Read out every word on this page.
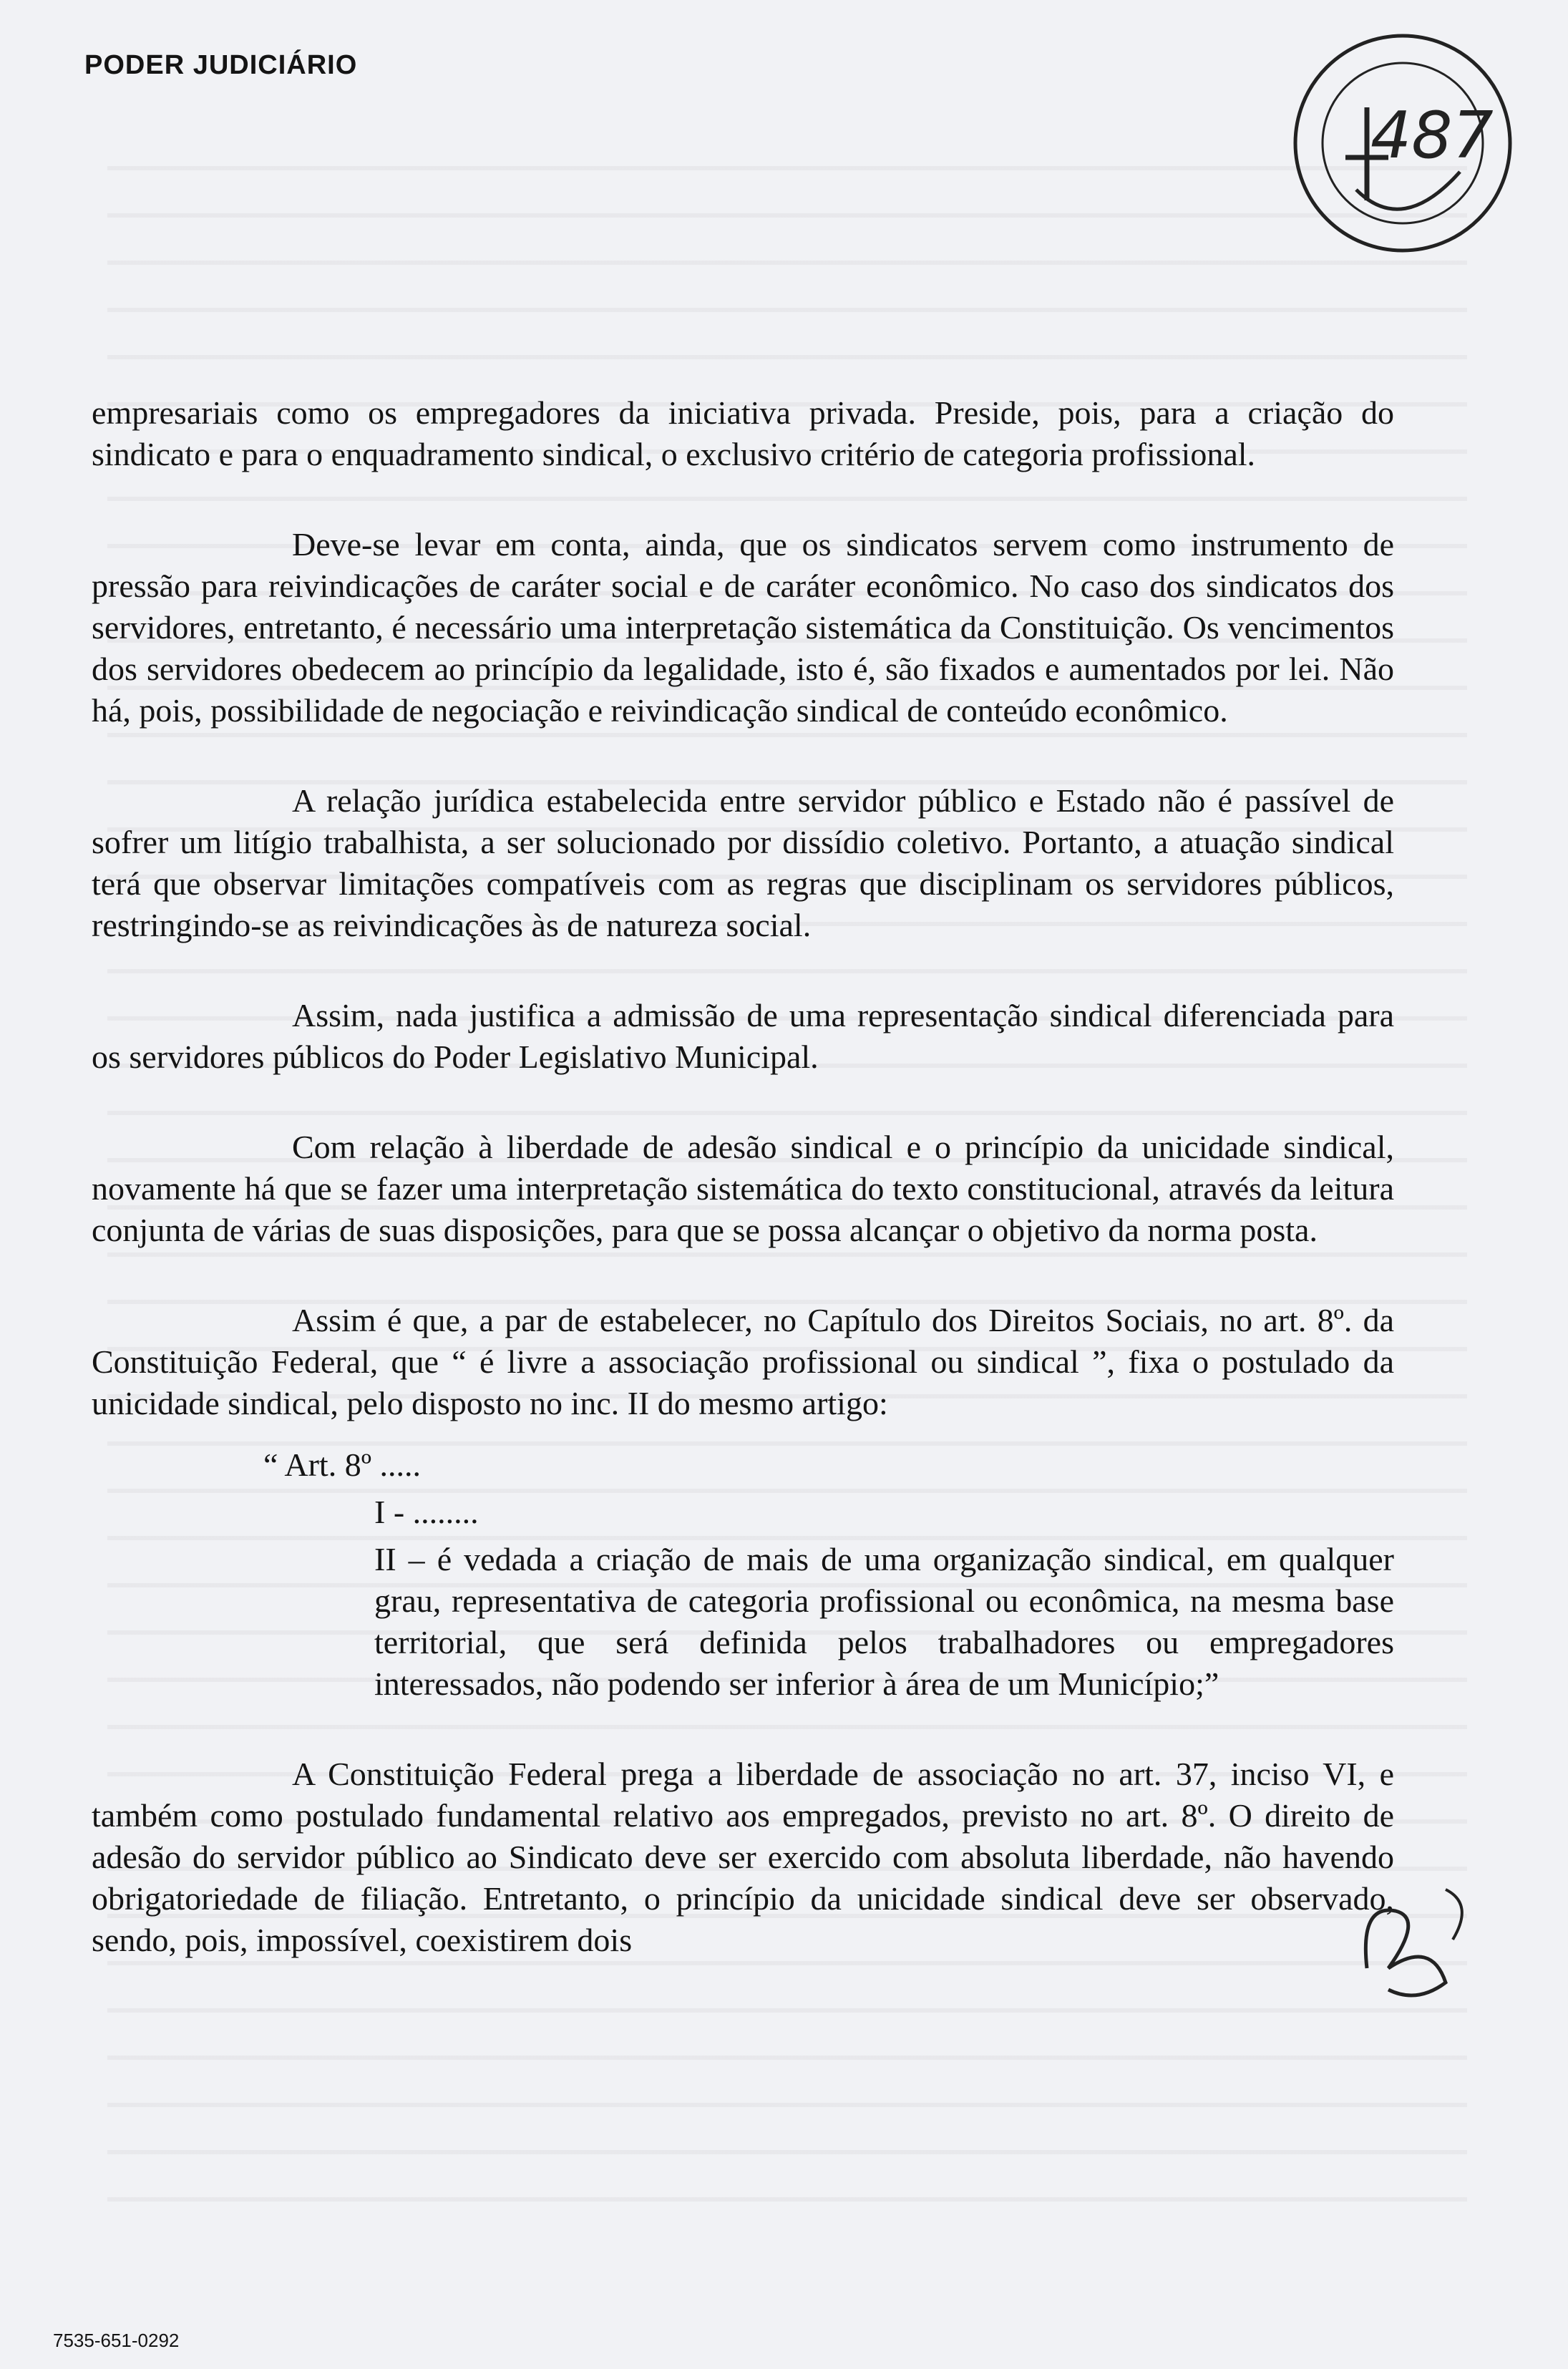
PODER JUDICIÁRIO
487

empresariais como os empregadores da iniciativa privada. Preside, pois, para a criação do sindicato e para o enquadramento sindical, o exclusivo critério de categoria profissional.

Deve-se levar em conta, ainda, que os sindicatos servem como instrumento de pressão para reivindicações de caráter social e de caráter econômico. No caso dos sindicatos dos servidores, entretanto, é necessário uma interpretação sistemática da Constituição. Os vencimentos dos servidores obedecem ao princípio da legalidade, isto é, são fixados e aumentados por lei. Não há, pois, possibilidade de negociação e reivindicação sindical de conteúdo econômico.

A relação jurídica estabelecida entre servidor público e Estado não é passível de sofrer um litígio trabalhista, a ser solucionado por dissídio coletivo. Portanto, a atuação sindical terá que observar limitações compatíveis com as regras que disciplinam os servidores públicos, restringindo-se as reivindicações às de natureza social.

Assim, nada justifica a admissão de uma representação sindical diferenciada para os servidores públicos do Poder Legislativo Municipal.

Com relação à liberdade de adesão sindical e o princípio da unicidade sindical, novamente há que se fazer uma interpretação sistemática do texto constitucional, através da leitura conjunta de várias de suas disposições, para que se possa alcançar o objetivo da norma posta.

Assim é que, a par de estabelecer, no Capítulo dos Direitos Sociais, no art. 8º. da Constituição Federal, que “ é livre a associação profissional ou sindical ”, fixa o postulado da unicidade sindical, pelo disposto no inc. II do mesmo artigo:

“ Art. 8º .....

I - ........

II – é vedada a criação de mais de uma organização sindical, em qualquer grau, representativa de categoria profissional ou econômica, na mesma base territorial, que será definida pelos trabalhadores ou empregadores interessados, não podendo ser inferior à área de um Município;”

A Constituição Federal prega a liberdade de associação no art. 37, inciso VI, e também como postulado fundamental relativo aos empregados, previsto no art. 8º. O direito de adesão do servidor público ao Sindicato deve ser exercido com absoluta liberdade, não havendo obrigatoriedade de filiação. Entretanto, o princípio da unicidade sindical deve ser observado, sendo, pois, impossível, coexistirem dois

7535-651-0292
